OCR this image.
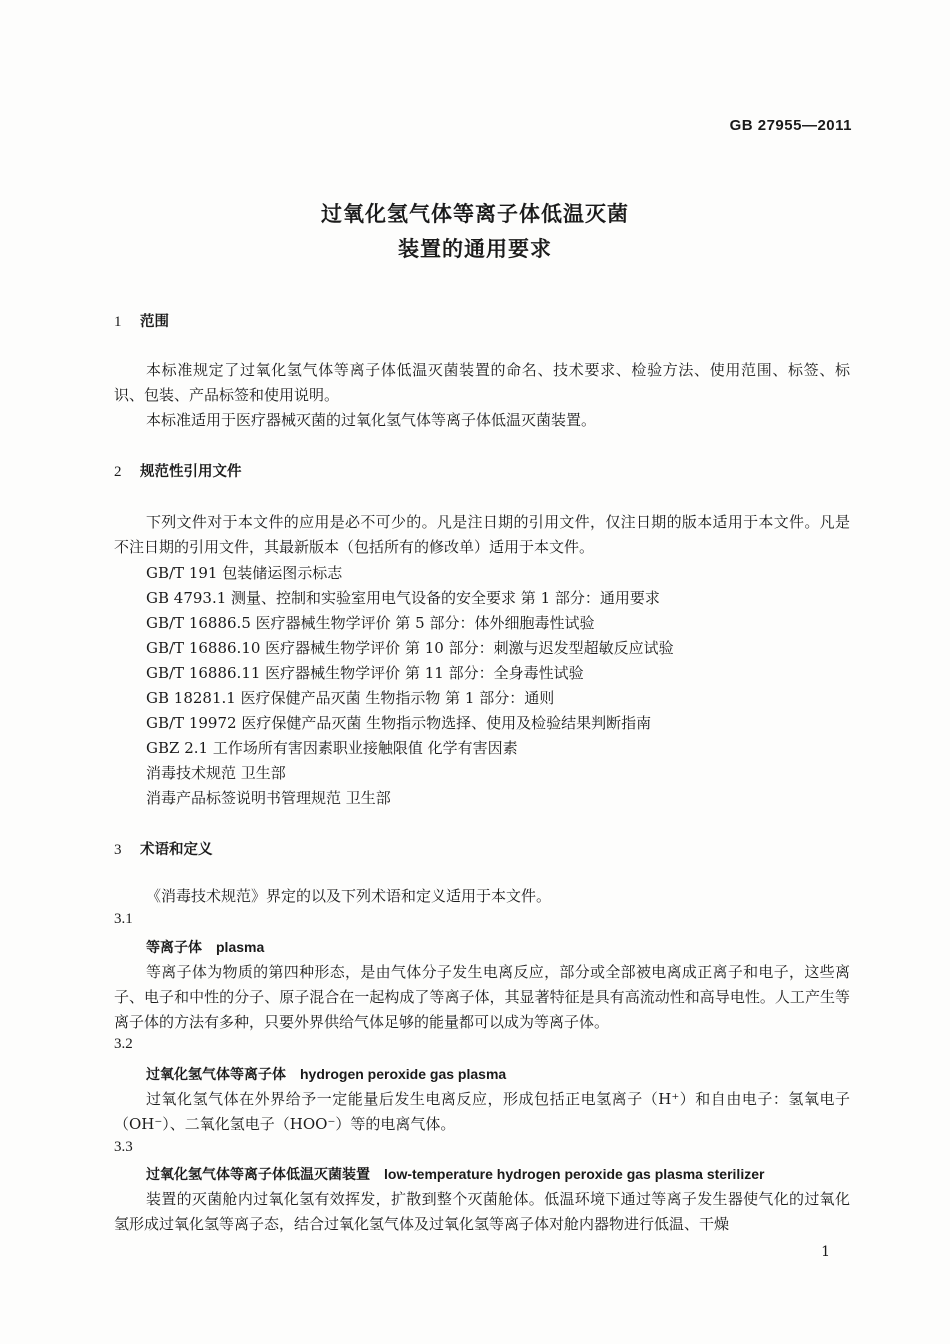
GB 27955—2011
过氧化氢气体等离子体低温灭菌
装置的通用要求
1 范围
本标准规定了过氧化氢气体等离子体低温灭菌装置的命名、技术要求、检验方法、使用范围、标签、标识、包装、产品标签和使用说明。
本标准适用于医疗器械灭菌的过氧化氢气体等离子体低温灭菌装置。
2 规范性引用文件
下列文件对于本文件的应用是必不可少的。凡是注日期的引用文件，仅注日期的版本适用于本文件。凡是不注日期的引用文件，其最新版本（包括所有的修改单）适用于本文件。
GB/T 191 包装储运图示标志
GB 4793.1 测量、控制和实验室用电气设备的安全要求 第 1 部分：通用要求
GB/T 16886.5 医疗器械生物学评价 第 5 部分：体外细胞毒性试验
GB/T 16886.10 医疗器械生物学评价 第 10 部分：刺激与迟发型超敏反应试验
GB/T 16886.11 医疗器械生物学评价 第 11 部分：全身毒性试验
GB 18281.1 医疗保健产品灭菌 生物指示物 第 1 部分：通则
GB/T 19972 医疗保健产品灭菌 生物指示物选择、使用及检验结果判断指南
GBZ 2.1 工作场所有害因素职业接触限值 化学有害因素
消毒技术规范 卫生部
消毒产品标签说明书管理规范 卫生部
3 术语和定义
《消毒技术规范》界定的以及下列术语和定义适用于本文件。
3.1
等离子体 plasma
等离子体为物质的第四种形态，是由气体分子发生电离反应，部分或全部被电离成正离子和电子，这些离子、电子和中性的分子、原子混合在一起构成了等离子体，其显著特征是具有高流动性和高导电性。人工产生等离子体的方法有多种，只要外界供给气体足够的能量都可以成为等离子体。
3.2
过氧化氢气体等离子体 hydrogen peroxide gas plasma
过氧化氢气体在外界给予一定能量后发生电离反应，形成包括正电氢离子（H⁺）和自由电子：氢氧电子（OH⁻）、二氧化氢电子（HOO⁻）等的电离气体。
3.3
过氧化氢气体等离子体低温灭菌装置 low-temperature hydrogen peroxide gas plasma sterilizer
装置的灭菌舱内过氧化氢有效挥发，扩散到整个灭菌舱体。低温环境下通过等离子发生器使气化的过氧化氢形成过氧化氢等离子态，结合过氧化氢气体及过氧化氢等离子体对舱内器物进行低温、干燥
1
